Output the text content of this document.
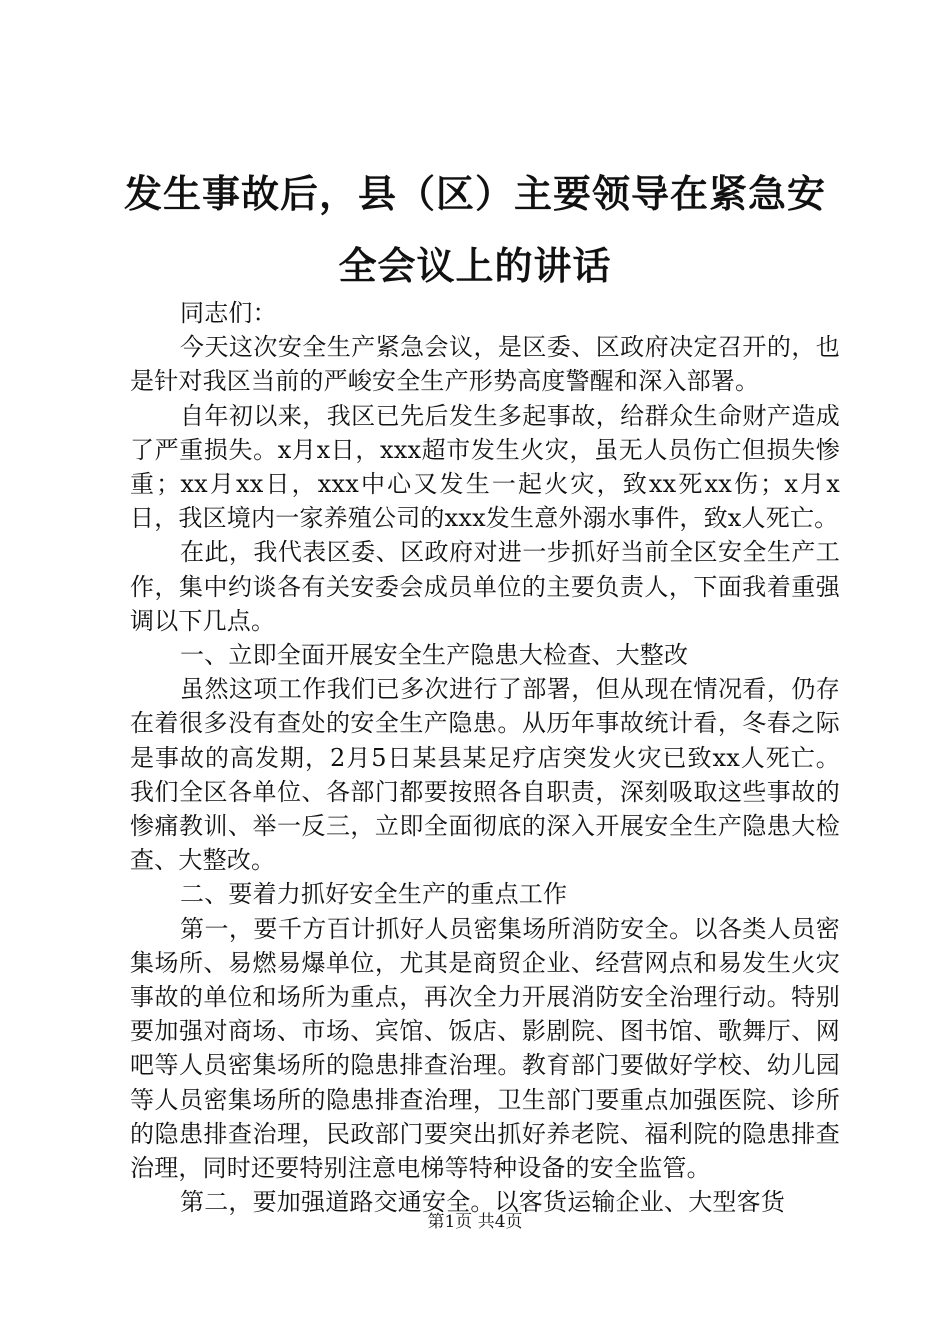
发生事故后，县（区）主要领导在紧急安全会议上的讲话

同志们：

今天这次安全生产紧急会议，是区委、区政府决定召开的，也是针对我区当前的严峻安全生产形势高度警醒和深入部署。

自年初以来，我区已先后发生多起事故，给群众生命财产造成了严重损失。x月x日，xxx超市发生火灾，虽无人员伤亡但损失惨重；xx月xx日，xxx中心又发生一起火灾，致xx死xx伤；x月x日，我区境内一家养殖公司的xxx发生意外溺水事件，致x人死亡。

在此，我代表区委、区政府对进一步抓好当前全区安全生产工作，集中约谈各有关安委会成员单位的主要负责人，下面我着重强调以下几点。

一、立即全面开展安全生产隐患大检查、大整改

虽然这项工作我们已多次进行了部署，但从现在情况看，仍存在着很多没有查处的安全生产隐患。从历年事故统计看，冬春之际是事故的高发期，2月5日某县某足疗店突发火灾已致xx人死亡。我们全区各单位、各部门都要按照各自职责，深刻吸取这些事故的惨痛教训、举一反三，立即全面彻底的深入开展安全生产隐患大检查、大整改。

二、要着力抓好安全生产的重点工作

第一，要千方百计抓好人员密集场所消防安全。以各类人员密集场所、易燃易爆单位，尤其是商贸企业、经营网点和易发生火灾事故的单位和场所为重点，再次全力开展消防安全治理行动。特别要加强对商场、市场、宾馆、饭店、影剧院、图书馆、歌舞厅、网吧等人员密集场所的隐患排查治理。教育部门要做好学校、幼儿园等人员密集场所的隐患排查治理，卫生部门要重点加强医院、诊所的隐患排查治理，民政部门要突出抓好养老院、福利院的隐患排查治理，同时还要特别注意电梯等特种设备的安全监管。

第二，要加强道路交通安全。以客货运输企业、大型客货

第1页 共4页
